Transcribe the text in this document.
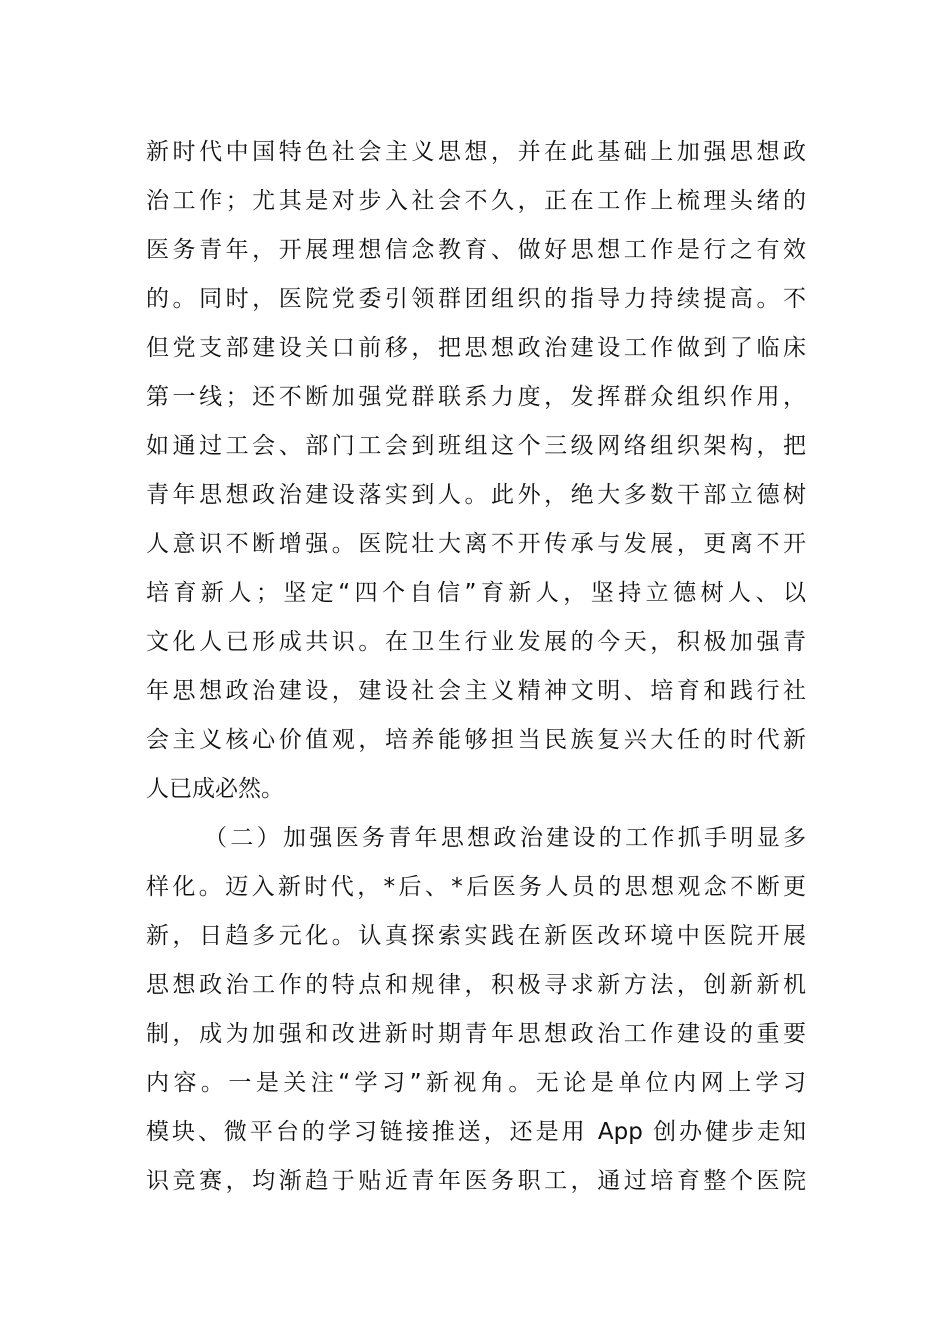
新时代中国特色社会主义思想，并在此基础上加强思想政
治工作；尤其是对步入社会不久，正在工作上梳理头绪的
医务青年，开展理想信念教育、做好思想工作是行之有效
的。同时，医院党委引领群团组织的指导力持续提高。不
但党支部建设关口前移，把思想政治建设工作做到了临床
第一线；还不断加强党群联系力度，发挥群众组织作用，
如通过工会、部门工会到班组这个三级网络组织架构，把
青年思想政治建设落实到人。此外，绝大多数干部立德树
人意识不断增强。医院壮大离不开传承与发展，更离不开
培育新人；坚定“四个自信”育新人，坚持立德树人、以
文化人已形成共识。在卫生行业发展的今天，积极加强青
年思想政治建设，建设社会主义精神文明、培育和践行社
会主义核心价值观，培养能够担当民族复兴大任的时代新
人已成必然。
（二）加强医务青年思想政治建设的工作抓手明显多
样化。迈入新时代，*后、*后医务人员的思想观念不断更
新，日趋多元化。认真探索实践在新医改环境中医院开展
思想政治工作的特点和规律，积极寻求新方法，创新新机
制，成为加强和改进新时期青年思想政治工作建设的重要
内容。一是关注“学习”新视角。无论是单位内网上学习
模块、微平台的学习链接推送，还是用 App 创办健步走知
识竞赛，均渐趋于贴近青年医务职工，通过培育整个医院
